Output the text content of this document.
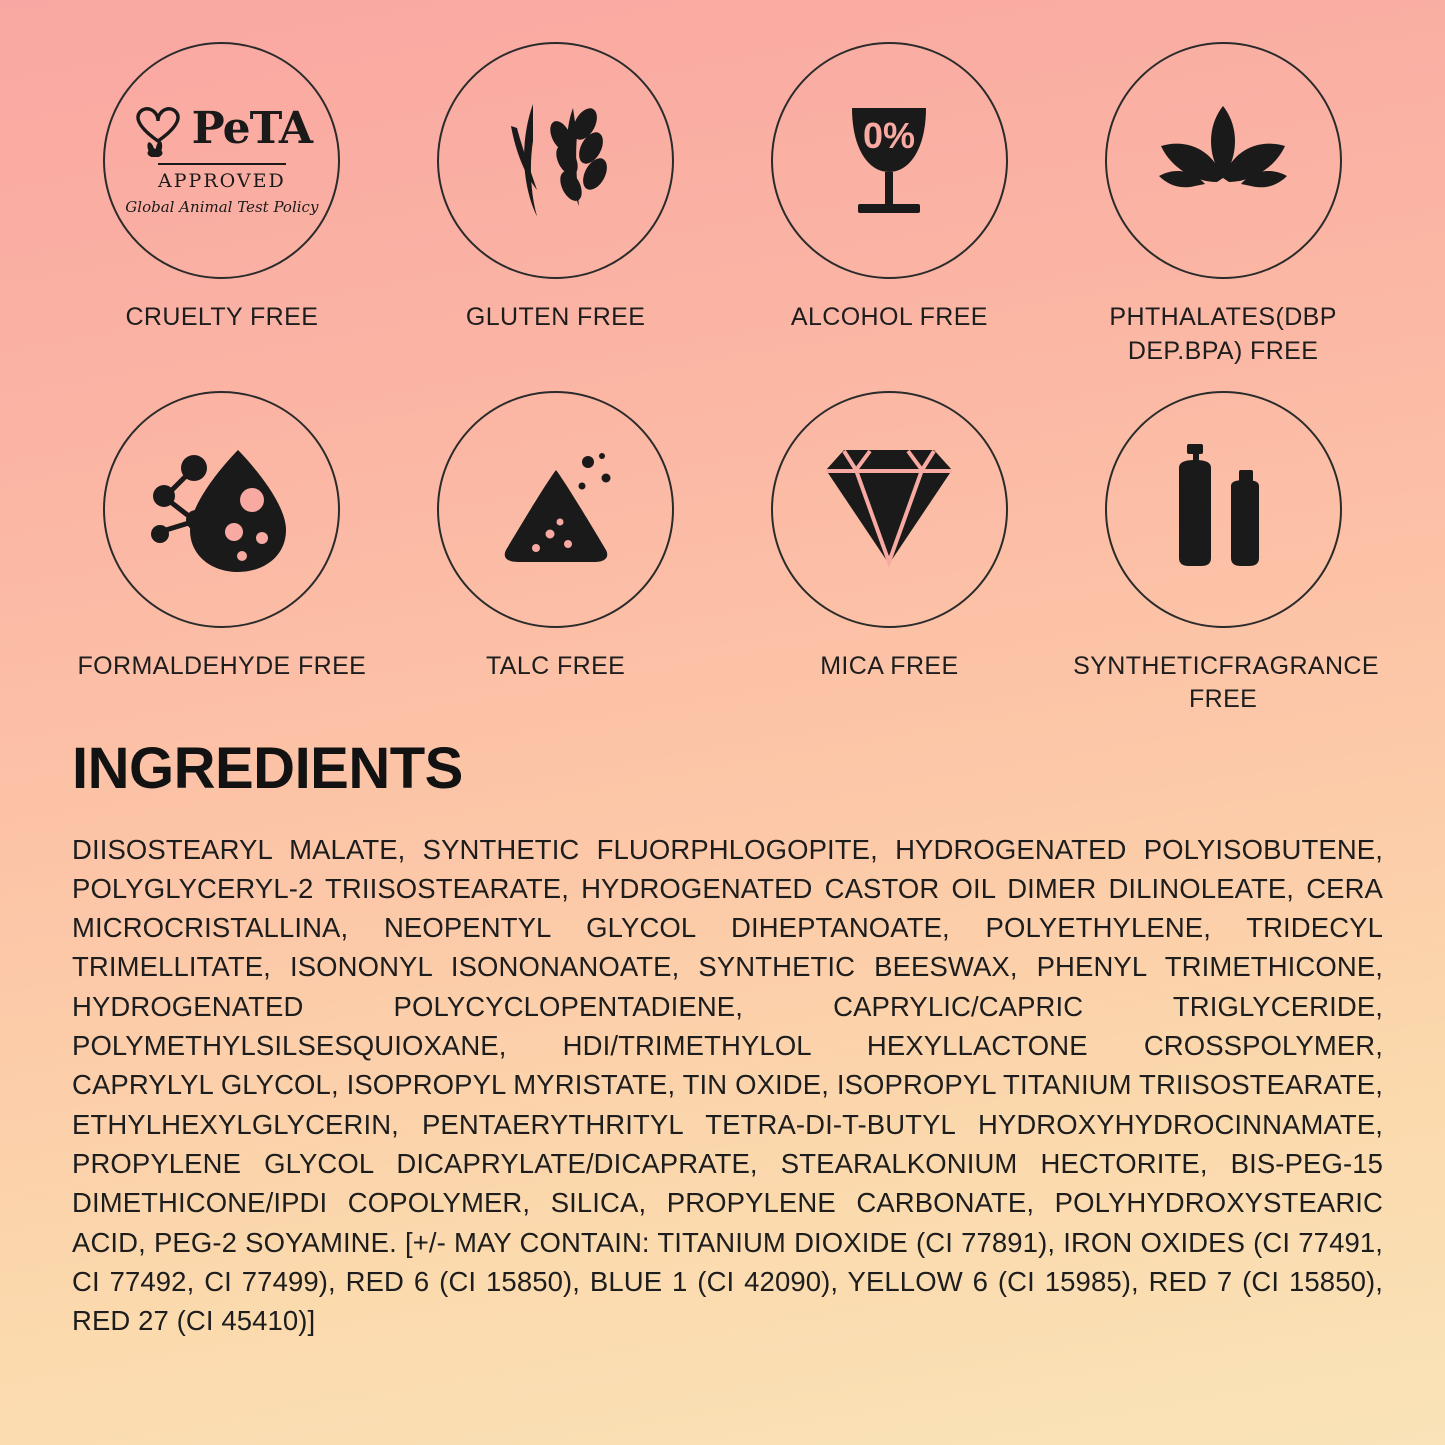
PeTA
APPROVED
Global Animal Test Policy
CRUELTY FREE	GLUTEN FREE
0%
ALCOHOL FREE	PHTHALATES(DBP DEP.BPA) FREE
FORMALDEHYDE FREE	TALC FREE	MICA FREE	SYNTHETICFRAGRANCE FREE
INGREDIENTS

DIISOSTEARYL MALATE, SYNTHETIC FLUORPHLOGOPITE, HYDROGENATED POLYISOBUTENE, POLYGLYCERYL-2 TRIISOSTEARATE, HYDROGENATED CASTOR OIL DIMER DILINOLEATE, CERA MICROCRISTALLINA, NEOPENTYL GLYCOL DIHEPTANOATE, POLYETHYLENE, TRIDECYL TRIMELLITATE, ISONONYL ISONONANOATE, SYNTHETIC BEESWAX, PHENYL TRIMETHICONE, HYDROGENATED POLYCYCLOPENTADIENE, CAPRYLIC/CAPRIC TRIGLYCERIDE, POLYMETHYLSILSESQUIOXANE, HDI/TRIMETHYLOL HEXYLLACTONE CROSSPOLYMER, CAPRYLYL GLYCOL, ISOPROPYL MYRISTATE, TIN OXIDE, ISOPROPYL TITANIUM TRIISOSTEARATE, ETHYLHEXYLGLYCERIN, PENTAERYTHRITYL TETRA-DI-T-BUTYL HYDROXYHYDROCINNAMATE, PROPYLENE GLYCOL DICAPRYLATE/DICAPRATE, STEARALKONIUM HECTORITE, BIS-PEG-15 DIMETHICONE/IPDI COPOLYMER, SILICA, PROPYLENE CARBONATE, POLYHYDROXYSTEARIC ACID, PEG-2 SOYAMINE. [+/- MAY CONTAIN: TITANIUM DIOXIDE (CI 77891), IRON OXIDES (CI 77491, CI 77492, CI 77499), RED 6 (CI 15850), BLUE 1 (CI 42090), YELLOW 6 (CI 15985), RED 7 (CI 15850), RED 27 (CI 45410)]
